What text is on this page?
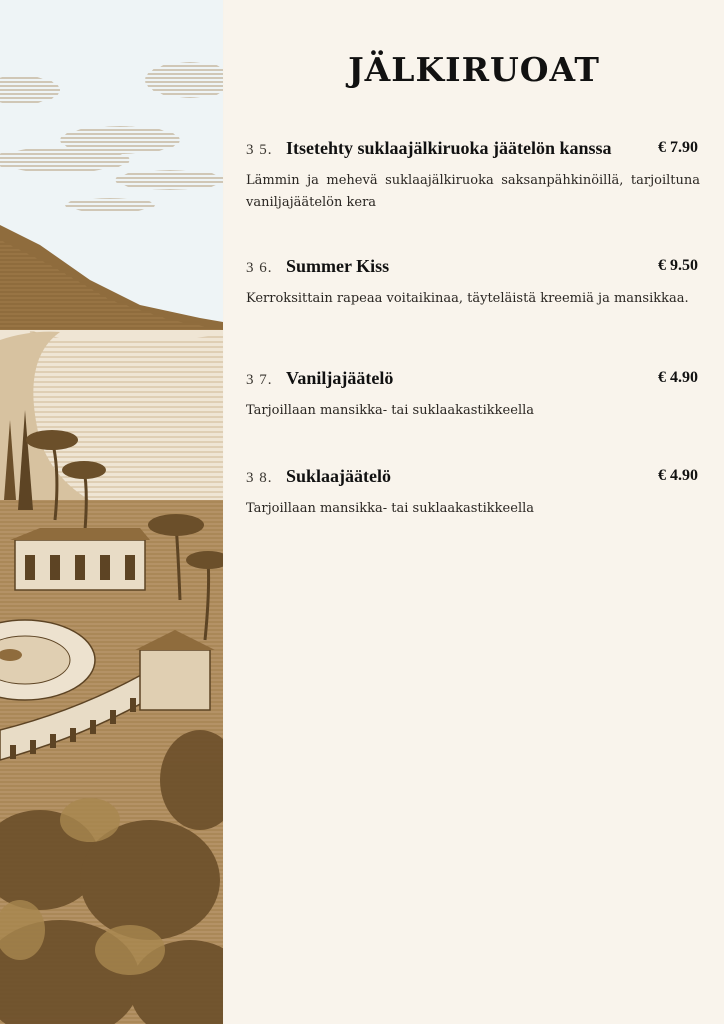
JÄLKIRUOAT
3 5. Itsetehty suklaajälkiruoka jäätelön kanssa	€ 7.90
Lämmin ja mehevä suklaajälkiruoka saksanpähkinöillä, tarjoiltuna vaniljajäätelön kera
3 6. Summer Kiss	€ 9.50
Kerroksittain rapeaa voitaikinaa, täyteläistä kreemiä ja mansikkaa.
3 7. Vaniljajäätelö	€ 4.90
Tarjoillaan mansikka- tai suklaakastikkeella
3 8. Suklaajäätelö	€ 4.90
Tarjoillaan mansikka- tai suklaakastikkeella
